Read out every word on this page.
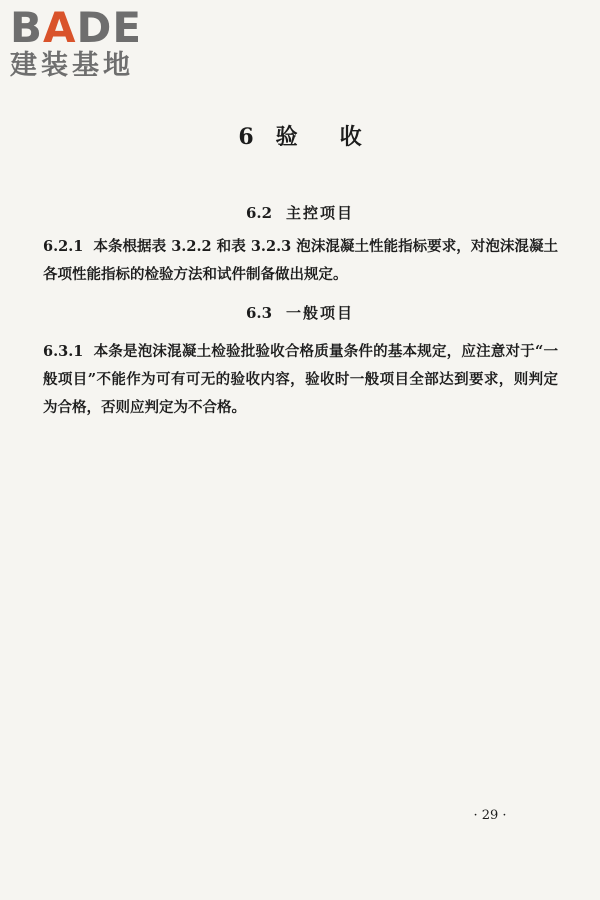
BADE
建装基地
6 验 收
6.2 主控项目
6.2.1 本条根据表 3.2.2 和表 3.2.3 泡沫混凝土性能指标要求，对泡沫混凝土各项性能指标的检验方法和试件制备做出规定。
6.3 一般项目
6.3.1 本条是泡沫混凝土检验批验收合格质量条件的基本规定，应注意对于“一般项目”不能作为可有可无的验收内容，验收时一般项目全部达到要求，则判定为合格，否则应判定为不合格。
· 29 ·
